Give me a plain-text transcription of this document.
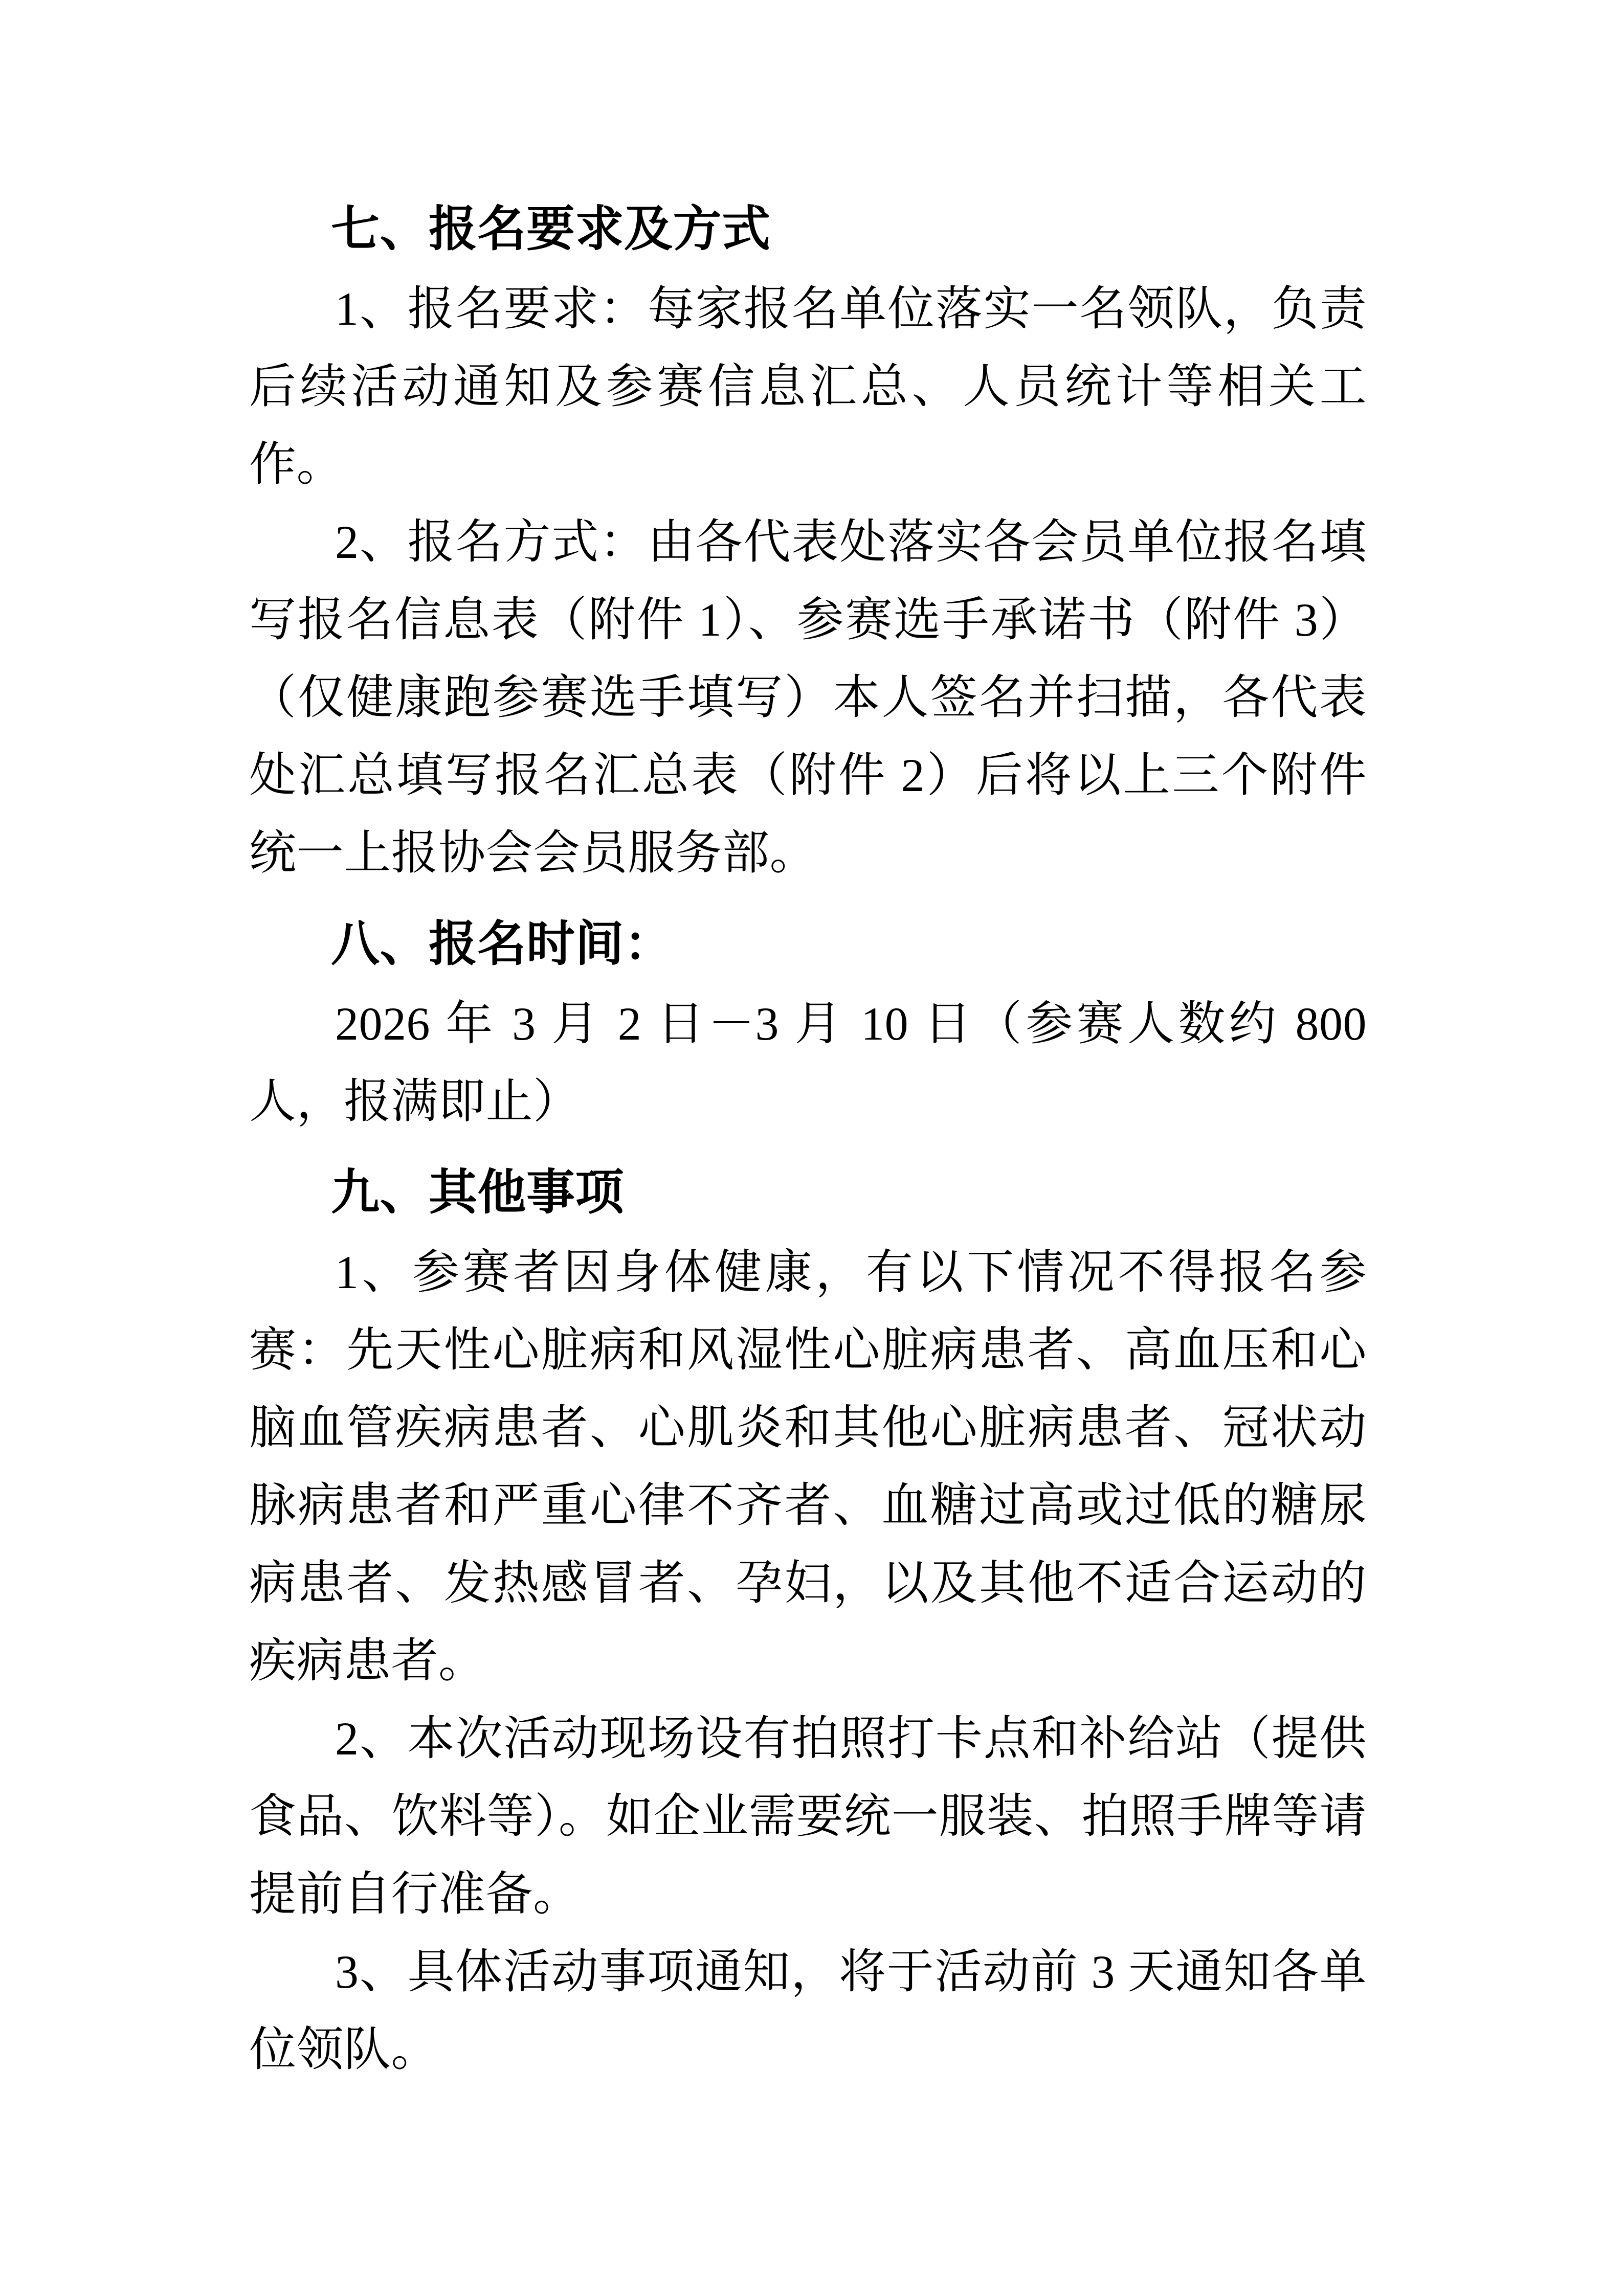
七、报名要求及方式

1、报名要求：每家报名单位落实一名领队，负责后续活动通知及参赛信息汇总、人员统计等相关工作。

2、报名方式：由各代表处落实各会员单位报名填写报名信息表（附件 1）、参赛选手承诺书（附件 3）（仅健康跑参赛选手填写）本人签名并扫描，各代表处汇总填写报名汇总表（附件 2）后将以上三个附件统一上报协会会员服务部。

八、报名时间：

2026 年 3 月 2 日－3 月 10 日（参赛人数约 800 人，报满即止）

九、其他事项

1、参赛者因身体健康，有以下情况不得报名参赛：先天性心脏病和风湿性心脏病患者、高血压和心脑血管疾病患者、心肌炎和其他心脏病患者、冠状动脉病患者和严重心律不齐者、血糖过高或过低的糖尿病患者、发热感冒者、孕妇，以及其他不适合运动的疾病患者。

2、本次活动现场设有拍照打卡点和补给站（提供食品、饮料等）。如企业需要统一服装、拍照手牌等请提前自行准备。

3、具体活动事项通知，将于活动前 3 天通知各单位领队。
